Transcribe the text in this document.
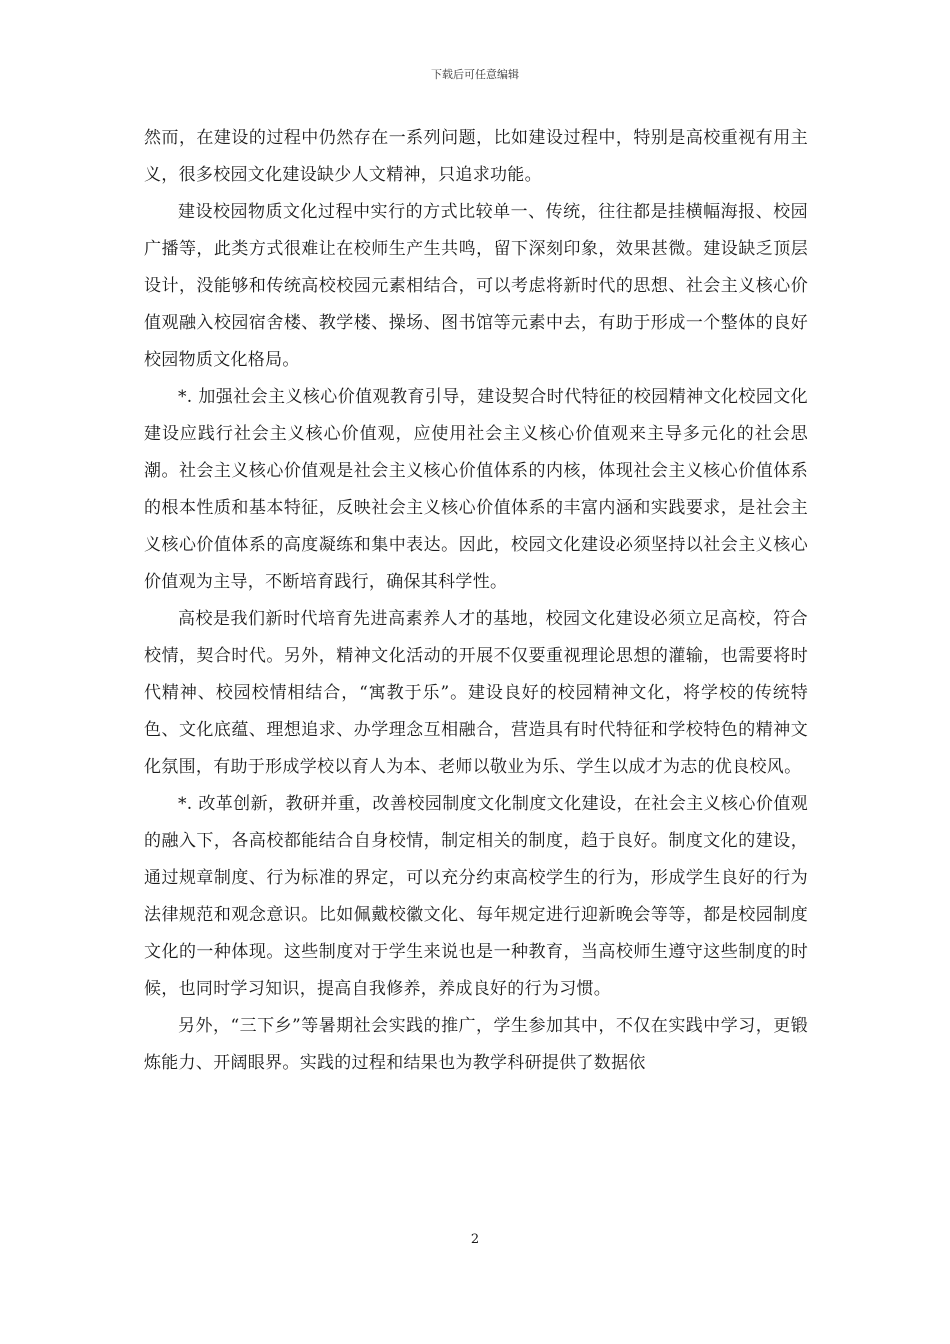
下载后可任意编辑

然而，在建设的过程中仍然存在一系列问题，比如建设过程中，特别是高校重视有用主义，很多校园文化建设缺少人文精神，只追求功能。

建设校园物质文化过程中实行的方式比较单一、传统，往往都是挂横幅海报、校园广播等，此类方式很难让在校师生产生共鸣，留下深刻印象，效果甚微。建设缺乏顶层设计，没能够和传统高校校园元素相结合，可以考虑将新时代的思想、社会主义核心价值观融入校园宿舍楼、教学楼、操场、图书馆等元素中去，有助于形成一个整体的良好校园物质文化格局。

*. 加强社会主义核心价值观教育引导，建设契合时代特征的校园精神文化校园文化建设应践行社会主义核心价值观，应使用社会主义核心价值观来主导多元化的社会思潮。社会主义核心价值观是社会主义核心价值体系的内核，体现社会主义核心价值体系的根本性质和基本特征，反映社会主义核心价值体系的丰富内涵和实践要求，是社会主义核心价值体系的高度凝练和集中表达。因此，校园文化建设必须坚持以社会主义核心价值观为主导，不断培育践行，确保其科学性。

高校是我们新时代培育先进高素养人才的基地，校园文化建设必须立足高校，符合校情，契合时代。另外，精神文化活动的开展不仅要重视理论思想的灌输，也需要将时代精神、校园校情相结合，“寓教于乐”。建设良好的校园精神文化，将学校的传统特色、文化底蕴、理想追求、办学理念互相融合，营造具有时代特征和学校特色的精神文化氛围，有助于形成学校以育人为本、老师以敬业为乐、学生以成才为志的优良校风。

*. 改革创新，教研并重，改善校园制度文化制度文化建设，在社会主义核心价值观的融入下，各高校都能结合自身校情，制定相关的制度，趋于良好。制度文化的建设，通过规章制度、行为标准的界定，可以充分约束高校学生的行为，形成学生良好的行为法律规范和观念意识。比如佩戴校徽文化、每年规定进行迎新晚会等等，都是校园制度文化的一种体现。这些制度对于学生来说也是一种教育，当高校师生遵守这些制度的时候，也同时学习知识，提高自我修养，养成良好的行为习惯。

另外，“三下乡”等暑期社会实践的推广，学生参加其中，不仅在实践中学习，更锻炼能力、开阔眼界。实践的过程和结果也为教学科研提供了数据依

2
